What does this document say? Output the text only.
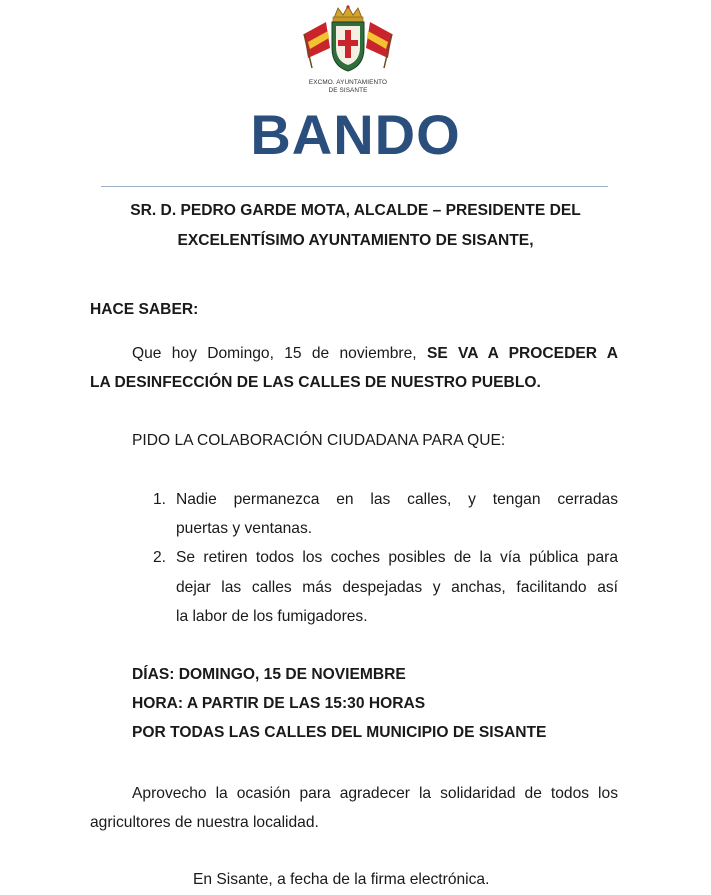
EXCMO. AYUNTAMIENTO
DE SISANTE
BANDO
SR. D. PEDRO GARDE MOTA, ALCALDE – PRESIDENTE DEL
EXCELENTÍSIMO AYUNTAMIENTO DE SISANTE,
HACE SABER:
Que hoy Domingo, 15 de noviembre, SE VA A PROCEDER A
LA DESINFECCIÓN DE LAS CALLES DE NUESTRO PUEBLO.
PIDO LA COLABORACIÓN CIUDADANA PARA QUE:
1. Nadie permanezca en las calles, y tengan cerradas
puertas y ventanas.
2. Se retiren todos los coches posibles de la vía pública para
dejar las calles más despejadas y anchas, facilitando así
la labor de los fumigadores.
DÍAS: DOMINGO, 15 DE NOVIEMBRE
HORA: A PARTIR DE LAS 15:30 HORAS
POR TODAS LAS CALLES DEL MUNICIPIO DE SISANTE
Aprovecho la ocasión para agradecer la solidaridad de todos los
agricultores de nuestra localidad.
En Sisante, a fecha de la firma electrónica.
